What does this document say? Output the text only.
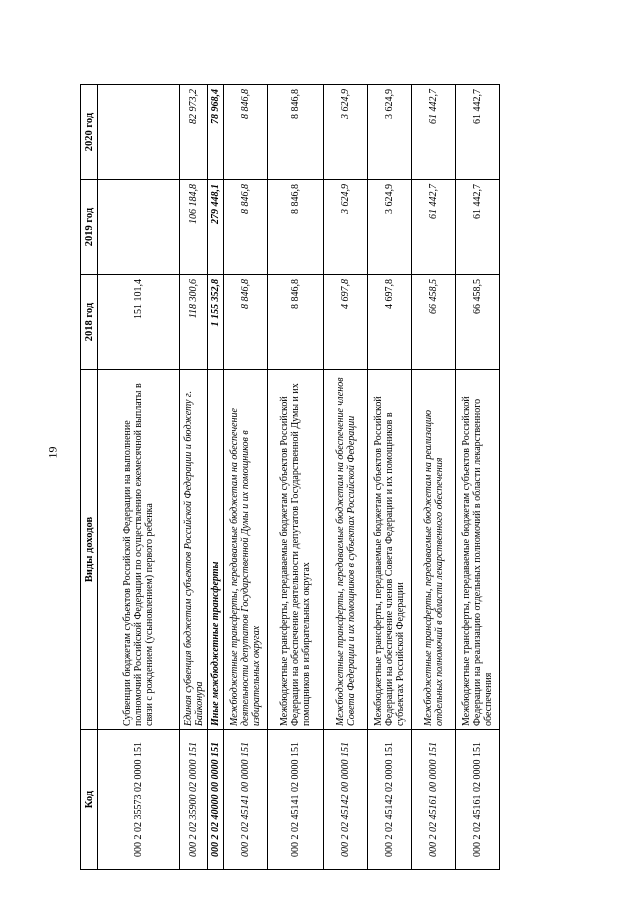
19
Код	Виды доходов	2018 год	2019 год	2020 год
000 2 02 35573 02 0000 151	Субвенции бюджетам субъектов Российской Федерации на выполнение полномочий Российской Федерации по осуществлению ежемесячной выплаты в связи с рождением (усыновлением) первого ребенка	151 101,4		
000 2 02 35900 02 0000 151	Единая субвенция бюджетам субъектов Российской Федерации и бюджету г. Байконура	118 300,6	106 184,8	82 973,2
000 2 02 40000 00 0000 151	Иные межбюджетные трансферты	1 155 352,8	279 448,1	78 968,4
000 2 02 45141 00 0000 151	Межбюджетные трансферты, передаваемые бюджетам на обеспечение деятельности депутатов Государственной Думы и их помощников в избирательных округах	8 846,8	8 846,8	8 846,8
000 2 02 45141 02 0000 151	Межбюджетные трансферты, передаваемые бюджетам субъектов Российской Федерации на обеспечение деятельности депутатов Государственной Думы и их помощников в избирательных округах	8 846,8	8 846,8	8 846,8
000 2 02 45142 00 0000 151	Межбюджетные трансферты, передаваемые бюджетам на обеспечение членов Совета Федерации и их помощников в субъектах Российской Федерации	4 697,8	3 624,9	3 624,9
000 2 02 45142 02 0000 151	Межбюджетные трансферты, передаваемые бюджетам субъектов Российской Федерации на обеспечение членов Совета Федерации и их помощников в субъектах Российской Федерации	4 697,8	3 624,9	3 624,9
000 2 02 45161 00 0000 151	Межбюджетные трансферты, передаваемые бюджетам на реализацию отдельных полномочий в области лекарственного обеспечения	66 458,5	61 442,7	61 442,7
000 2 02 45161 02 0000 151	Межбюджетные трансферты, передаваемые бюджетам субъектов Российской Федерации на реализацию отдельных полномочий в области лекарственного обеспечения	66 458,5	61 442,7	61 442,7
